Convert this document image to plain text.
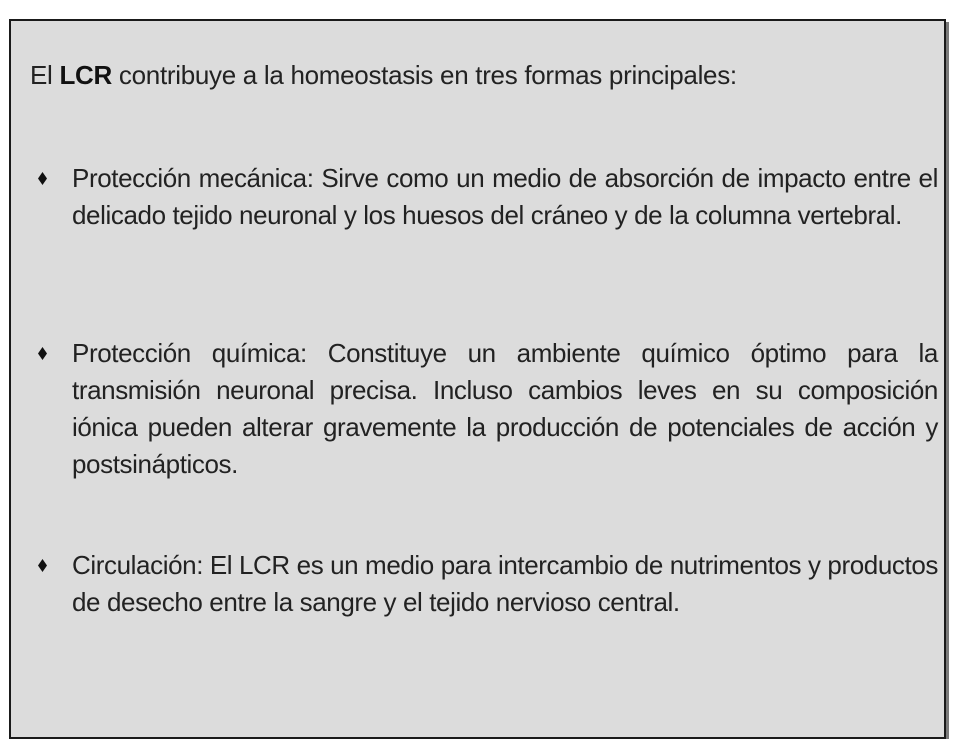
El LCR contribuye a la homeostasis en tres formas principales:

Protección mecánica: Sirve como un medio de absorción de impacto entre el delicado tejido neuronal y los huesos del cráneo y de la columna vertebral.

Protección química: Constituye un ambiente químico óptimo para la transmisión neuronal precisa. Incluso cambios leves en su composición iónica pueden alterar gravemente la producción de potenciales de acción y postsinápticos.

Circulación: El LCR es un medio para intercambio de nutrimentos y productos de desecho entre la sangre y el tejido nervioso central.
